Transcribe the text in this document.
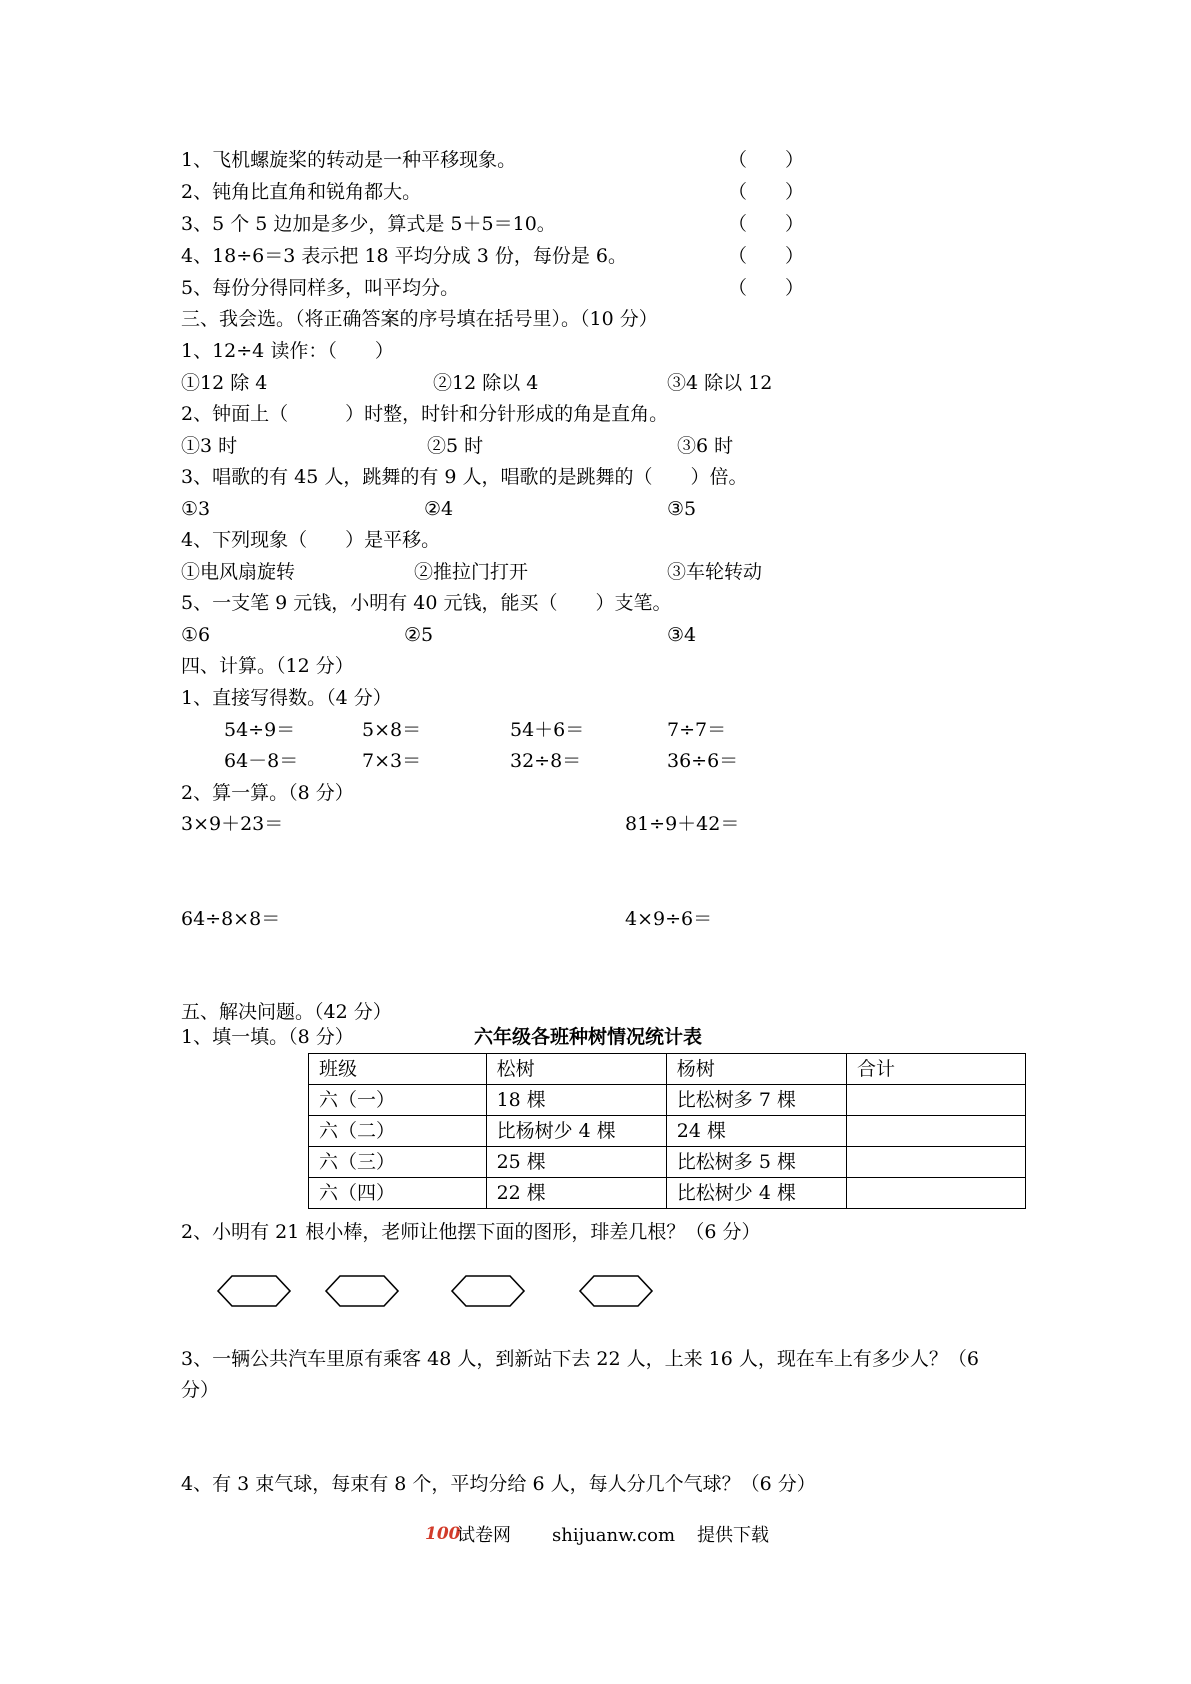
1、飞机螺旋桨的转动是一种平移现象。	（　　）
2、钝角比直角和锐角都大。	（　　）
3、5 个 5 边加是多少，算式是 5＋5＝10。	（　　）
4、18÷6＝3 表示把 18 平均分成 3 份，每份是 6。	（　　）
5、每份分得同样多，叫平均分。	（　　）
三、我会选。（将正确答案的序号填在括号里）。（10 分）
1、12÷4 读作：（　　）
①12 除 4	②12 除以 4	③4 除以 12
2、钟面上（　　　）时整，时针和分针形成的角是直角。
①3 时	②5 时	③6 时
3、唱歌的有 45 人，跳舞的有 9 人，唱歌的是跳舞的（　　）倍。
①3	②4	③5
4、下列现象（　　）是平移。
①电风扇旋转	②推拉门打开	③车轮转动
5、一支笔 9 元钱，小明有 40 元钱，能买（　　）支笔。
①6	②5	③4
四、计算。（12 分）
1、直接写得数。（4 分）
54÷9＝	5×8＝	54＋6＝	7÷7＝
64－8＝	7×3＝	32÷8＝	36÷6＝
2、算一算。（8 分）
3×9＋23＝	81÷9＋42＝
64÷8×8＝	4×9÷6＝
五、解决问题。（42 分）
1、填一填。（8 分）	六年级各班种树情况统计表
班级	松树	杨树	合计
六（一）	18 棵	比松树多 7 棵	
六（二）	比杨树少 4 棵	24 棵	
六（三）	25 棵	比松树多 5 棵	
六（四）	22 棵	比松树少 4 棵	
2、小明有 21 根小棒，老师让他摆下面的图形，琲差几根？（6 分）
3、一辆公共汽车里原有乘客 48 人，到新站下去 22 人，上来 16 人，现在车上有多少人？（6
分）
4、有 3 束气球，每束有 8 个，平均分给 6 人，每人分几个气球？（6 分）
100
试卷网 shijuanw.com 提供下载
